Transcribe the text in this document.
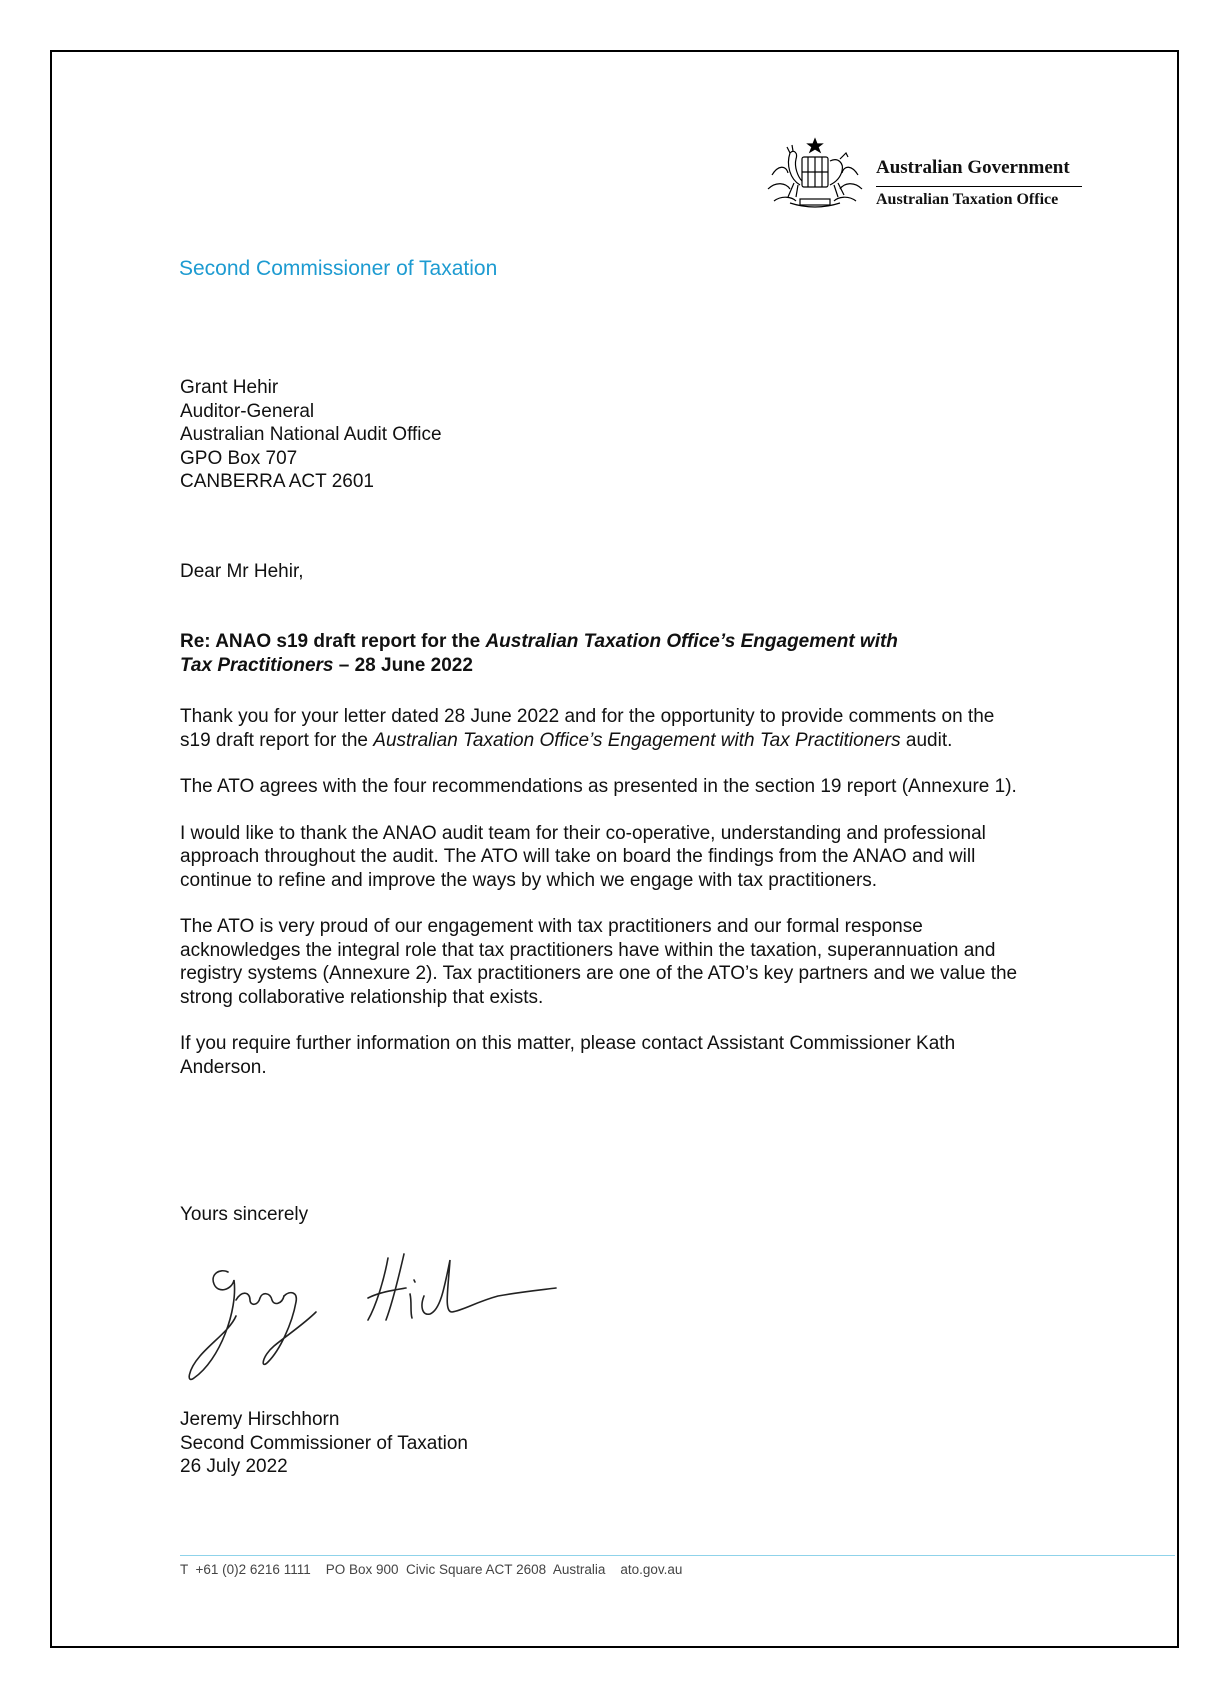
Australian Government
Australian Taxation Office
Second Commissioner of Taxation

Grant Hehir

Auditor-General

Australian National Audit Office

GPO Box 707

CANBERRA ACT 2601

Dear Mr Hehir,

Re: ANAO s19 draft report for the Australian Taxation Office’s Engagement with

Tax Practitioners – 28 June 2022

Thank you for your letter dated 28 June 2022 and for the opportunity to provide comments on the s19 draft report for the Australian Taxation Office’s Engagement with Tax Practitioners audit.

The ATO agrees with the four recommendations as presented in the section 19 report (Annexure 1).

I would like to thank the ANAO audit team for their co-operative, understanding and professional approach throughout the audit. The ATO will take on board the findings from the ANAO and will continue to refine and improve the ways by which we engage with tax practitioners.

The ATO is very proud of our engagement with tax practitioners and our formal response acknowledges the integral role that tax practitioners have within the taxation, superannuation and registry systems (Annexure 2). Tax practitioners are one of the ATO’s key partners and we value the strong collaborative relationship that exists.

If you require further information on this matter, please contact Assistant Commissioner Kath Anderson.

Yours sincerely

Jeremy Hirschhorn

Second Commissioner of Taxation

26 July 2022

T  +61 (0)2 6216 1111    PO Box 900  Civic Square ACT 2608  Australia    ato.gov.au
